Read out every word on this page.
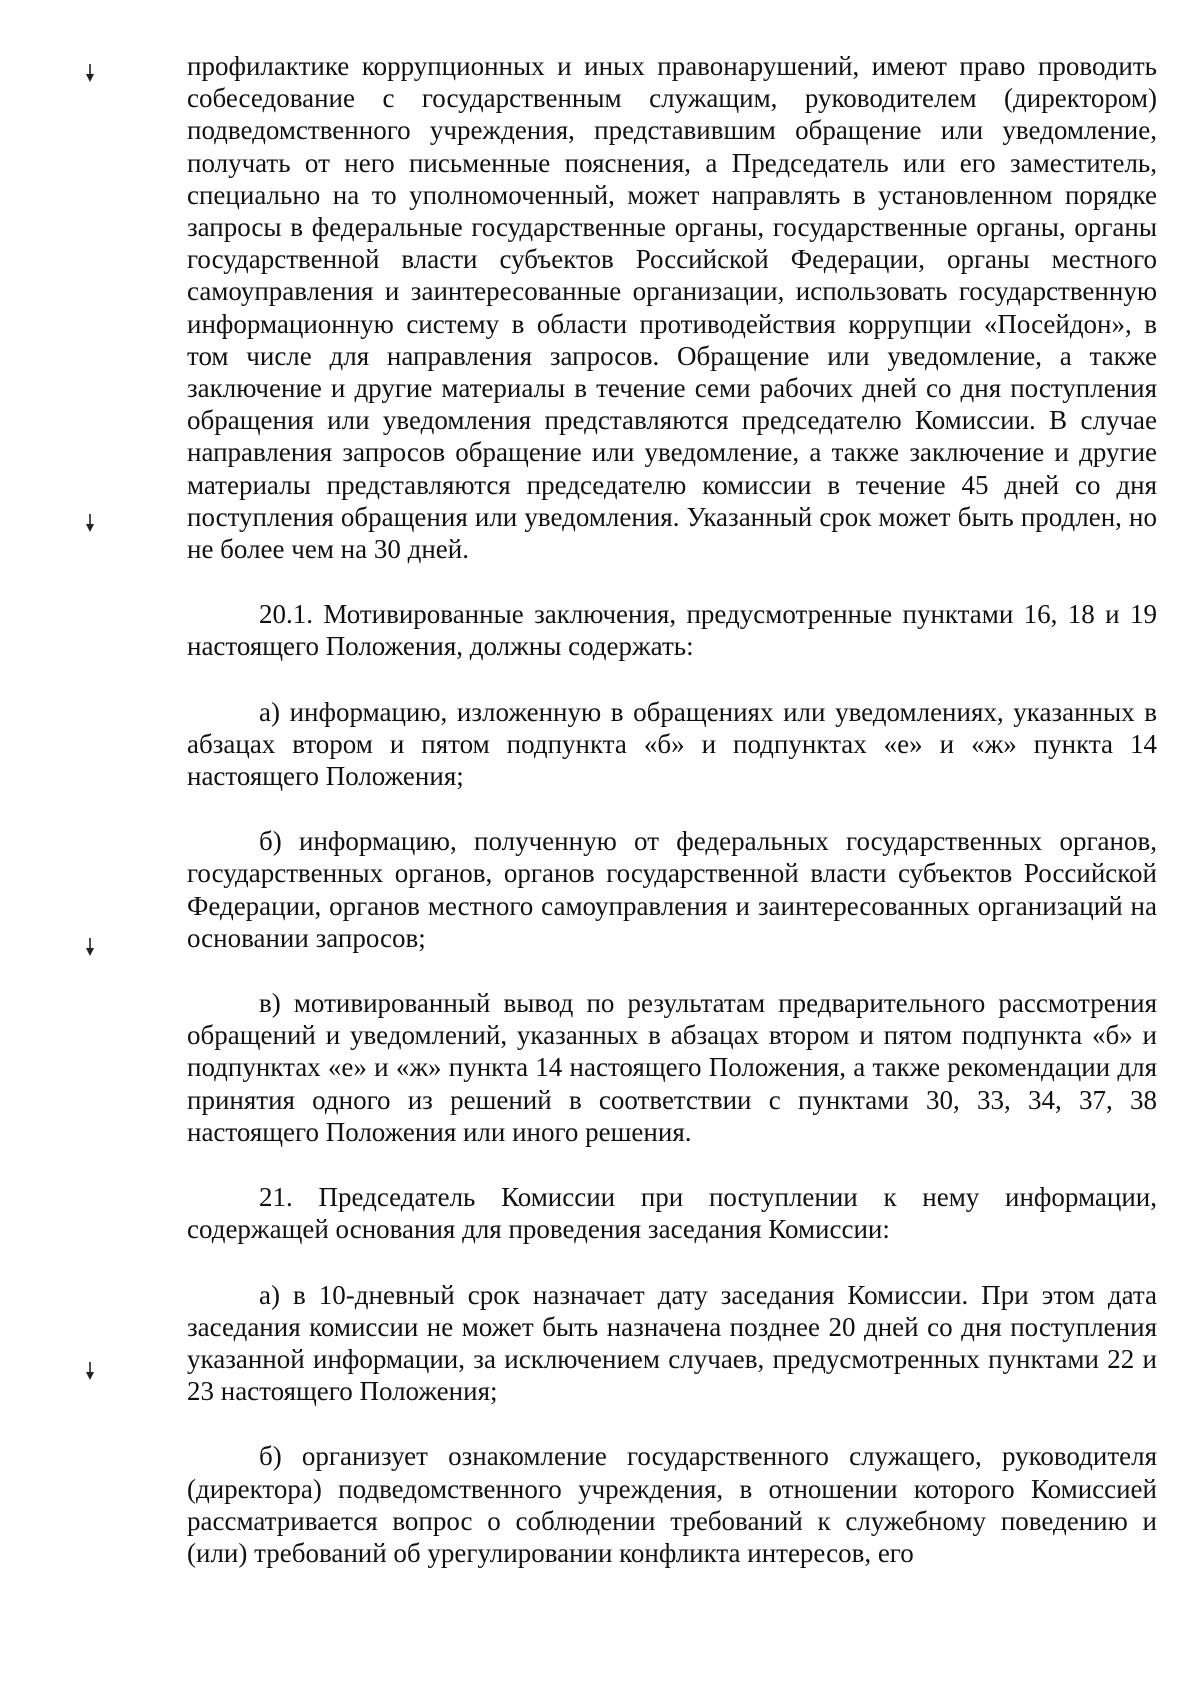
профилактике коррупционных и иных правонарушений, имеют право проводить собеседование с государственным служащим, руководителем (директором) подведомственного учреждения, представившим обращение или уведомление, получать от него письменные пояснения, а Председатель или его заместитель, специально на то уполномоченный, может направлять в установленном порядке запросы в федеральные государственные органы, государственные органы, органы государственной власти субъектов Российской Федерации, органы местного самоуправления и заинтересованные организации, использовать государственную информационную систему в области противодействия коррупции «Посейдон», в том числе для направления запросов. Обращение или уведомление, а также заключение и другие материалы в течение семи рабочих дней со дня поступления обращения или уведомления представляются председателю Комиссии. В случае направления запросов обращение или уведомление, а также заключение и другие материалы представляются председателю комиссии в течение 45 дней со дня поступления обращения или уведомления. Указанный срок может быть продлен, но не более чем на 30 дней.

20.1. Мотивированные заключения, предусмотренные пунктами 16, 18 и 19 настоящего Положения, должны содержать:

а) информацию, изложенную в обращениях или уведомлениях, указанных в абзацах втором и пятом подпункта «б» и подпунктах «е» и «ж» пункта 14 настоящего Положения;

б) информацию, полученную от федеральных государственных органов, государственных органов, органов государственной власти субъектов Российской Федерации, органов местного самоуправления и заинтересованных организаций на основании запросов;

в) мотивированный вывод по результатам предварительного рассмотрения обращений и уведомлений, указанных в абзацах втором и пятом подпункта «б» и подпунктах «е» и «ж» пункта 14 настоящего Положения, а также рекомендации для принятия одного из решений в соответствии с пунктами 30, 33, 34, 37, 38 настоящего Положения или иного решения.

21. Председатель Комиссии при поступлении к нему информации, содержащей основания для проведения заседания Комиссии:

а) в 10-дневный срок назначает дату заседания Комиссии. При этом дата заседания комиссии не может быть назначена позднее 20 дней со дня поступления указанной информации, за исключением случаев, предусмотренных пунктами 22 и 23 настоящего Положения;

б) организует ознакомление государственного служащего, руководителя (директора) подведомственного учреждения, в отношении которого Комиссией рассматривается вопрос о соблюдении требований к служебному поведению и (или) требований об урегулировании конфликта интересов, его
